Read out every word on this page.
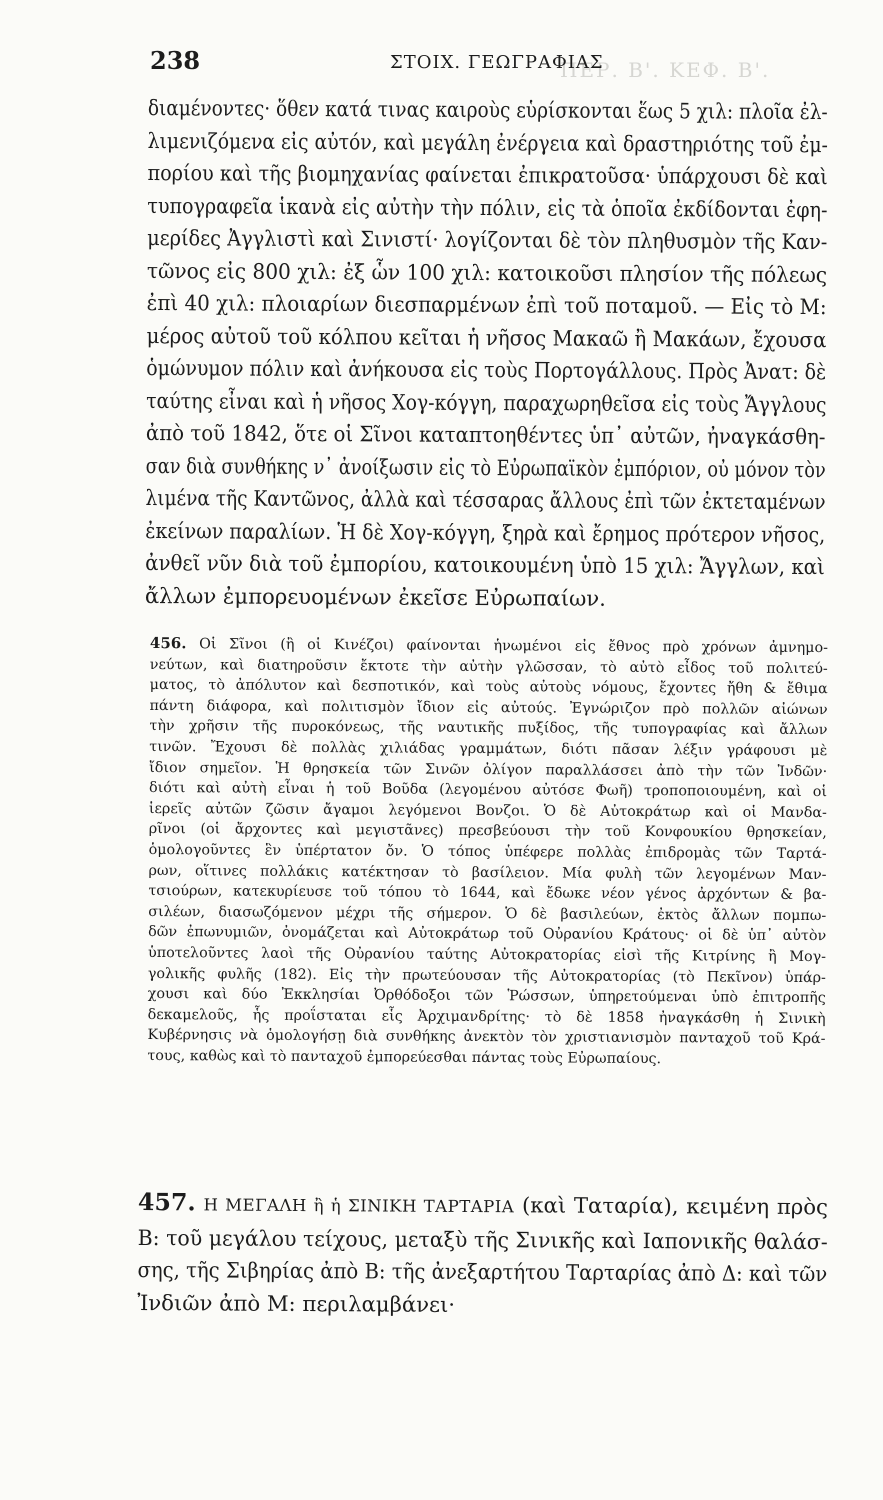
ΠΕΡ. Β'. ΚΕΦ. Β'.
238	ΣΤΟΙΧ. ΓΕΩΓΡΑΦΙΑΣ
διαμένοντες· ὅθεν κατά τινας καιροὺς εὑρίσκονται ἕως 5 χιλ: πλοῖα ἐλ-
λιμενιζόμενα εἰς αὐτόν, καὶ μεγάλη ἐνέργεια καὶ δραστηριότης τοῦ ἐμ-
πορίου καὶ τῆς βιομηχανίας φαίνεται ἐπικρατοῦσα· ὑπάρχουσι δὲ καὶ
τυπογραφεῖα ἱκανὰ εἰς αὐτὴν τὴν πόλιν, εἰς τὰ ὁποῖα ἐκδίδονται ἐφη-
μερίδες Ἀγγλιστὶ καὶ Σινιστί· λογίζονται δὲ τὸν πληθυσμὸν τῆς Καν-
τῶνος εἰς 800 χιλ: ἐξ ὧν 100 χιλ: κατοικοῦσι πλησίον τῆς πόλεως
ἐπὶ 40 χιλ: πλοιαρίων διεσπαρμένων ἐπὶ τοῦ ποταμοῦ. — Εἰς τὸ Μ:
μέρος αὐτοῦ τοῦ κόλπου κεῖται ἡ νῆσος Μακαῶ ἢ Μακάων, ἔχουσα
ὁμώνυμον πόλιν καὶ ἀνήκουσα εἰς τοὺς Πορτογάλλους. Πρὸς Ἀνατ: δὲ
ταύτης εἶναι καὶ ἡ νῆσος Χογ-κόγγη, παραχωρηθεῖσα εἰς τοὺς Ἄγγλους
ἀπὸ τοῦ 1842, ὅτε οἱ Σῖνοι καταπτοηθέντες ὑπ᾽ αὐτῶν, ἠναγκάσθη-
σαν διὰ συνθήκης ν᾽ ἀνοίξωσιν εἰς τὸ Εὐρωπαϊκὸν ἐμπόριον, οὐ μόνον τὸν
λιμένα τῆς Καντῶνος, ἀλλὰ καὶ τέσσαρας ἄλλους ἐπὶ τῶν ἐκτεταμένων
ἐκείνων παραλίων. Ἡ δὲ Χογ-κόγγη, ξηρὰ καὶ ἔρημος πρότερον νῆσος,
ἀνθεῖ νῦν διὰ τοῦ ἐμπορίου, κατοικουμένη ὑπὸ 15 χιλ: Ἄγγλων, καὶ
ἄλλων ἐμπορευομένων ἐκεῖσε Εὐρωπαίων.
456. Οἱ Σῖνοι (ἢ οἱ Κινέζοι) φαίνονται ἡνωμένοι εἰς ἔθνος πρὸ χρόνων ἀμνημο-
νεύτων, καὶ διατηροῦσιν ἔκτοτε τὴν αὐτὴν γλῶσσαν, τὸ αὐτὸ εἶδος τοῦ πολιτεύ-
ματος, τὸ ἀπόλυτον καὶ δεσποτικόν, καὶ τοὺς αὐτοὺς νόμους, ἔχοντες ἤθη & ἔθιμα
πάντη διάφορα, καὶ πολιτισμὸν ἴδιον εἰς αὐτούς. Ἐγνώριζον πρὸ πολλῶν αἰώνων
τὴν χρῆσιν τῆς πυροκόνεως, τῆς ναυτικῆς πυξίδος, τῆς τυπογραφίας καὶ ἄλλων
τινῶν. Ἔχουσι δὲ πολλὰς χιλιάδας γραμμάτων, διότι πᾶσαν λέξιν γράφουσι μὲ
ἴδιον σημεῖον. Ἡ θρησκεία τῶν Σινῶν ὀλίγον παραλλάσσει ἀπὸ τὴν τῶν Ἰνδῶν·
διότι καὶ αὐτὴ εἶναι ἡ τοῦ Βοῦδα (λεγομένου αὐτόσε Φωῆ) τροποποιουμένη, καὶ οἱ
ἱερεῖς αὐτῶν ζῶσιν ἄγαμοι λεγόμενοι Βονζοι. Ὁ δὲ Αὐτοκράτωρ καὶ οἱ Μανδα-
ρῖνοι (οἱ ἄρχοντες καὶ μεγιστᾶνες) πρεσβεύουσι τὴν τοῦ Κονφουκίου θρησκείαν,
ὁμολογοῦντες ἓν ὑπέρτατον ὄν. Ὁ τόπος ὑπέφερε πολλὰς ἐπιδρομὰς τῶν Ταρτά-
ρων, οἵτινες πολλάκις κατέκτησαν τὸ βασίλειον. Μία φυλὴ τῶν λεγομένων Μαν-
τσιούρων, κατεκυρίευσε τοῦ τόπου τὸ 1644, καὶ ἔδωκε νέον γένος ἀρχόντων & βα-
σιλέων, διασωζόμενον μέχρι τῆς σήμερον. Ὁ δὲ βασιλεύων, ἐκτὸς ἄλλων πομπω-
δῶν ἐπωνυμιῶν, ὀνομάζεται καὶ Αὐτοκράτωρ τοῦ Οὐρανίου Κράτους· οἱ δὲ ὑπ᾽ αὐτὸν
ὑποτελοῦντες λαοὶ τῆς Οὐρανίου ταύτης Αὐτοκρατορίας εἰσὶ τῆς Κιτρίνης ἢ Μογ-
γολικῆς φυλῆς (182). Εἰς τὴν πρωτεύουσαν τῆς Αὐτοκρατορίας (τὸ Πεκῖνον) ὑπάρ-
χουσι καὶ δύο Ἐκκλησίαι Ὀρθόδοξοι τῶν Ῥώσσων, ὑπηρετούμεναι ὑπὸ ἐπιτροπῆς
δεκαμελοῦς, ἧς προΐσταται εἷς Ἀρχιμανδρίτης· τὸ δὲ 1858 ἠναγκάσθη ἡ Σινικὴ
Κυβέρνησις νὰ ὁμολογήσῃ διὰ συνθήκης ἀνεκτὸν τὸν χριστιανισμὸν πανταχοῦ τοῦ Κρά-
τους, καθὼς καὶ τὸ πανταχοῦ ἐμπορεύεσθαι πάντας τοὺς Εὐρωπαίους.
457. Η ΜΕΓΑΛΗ ἢ ἡ ΣΙΝΙΚΗ ΤΑΡΤΑΡΙΑ (καὶ Ταταρία), κειμένη πρὸς
Β: τοῦ μεγάλου τείχους, μεταξὺ τῆς Σινικῆς καὶ Ιαπονικῆς θαλάσ-
σης, τῆς Σιβηρίας ἀπὸ Β: τῆς ἀνεξαρτήτου Ταρταρίας ἀπὸ Δ: καὶ τῶν
Ἰνδιῶν ἀπὸ Μ: περιλαμβάνει·
